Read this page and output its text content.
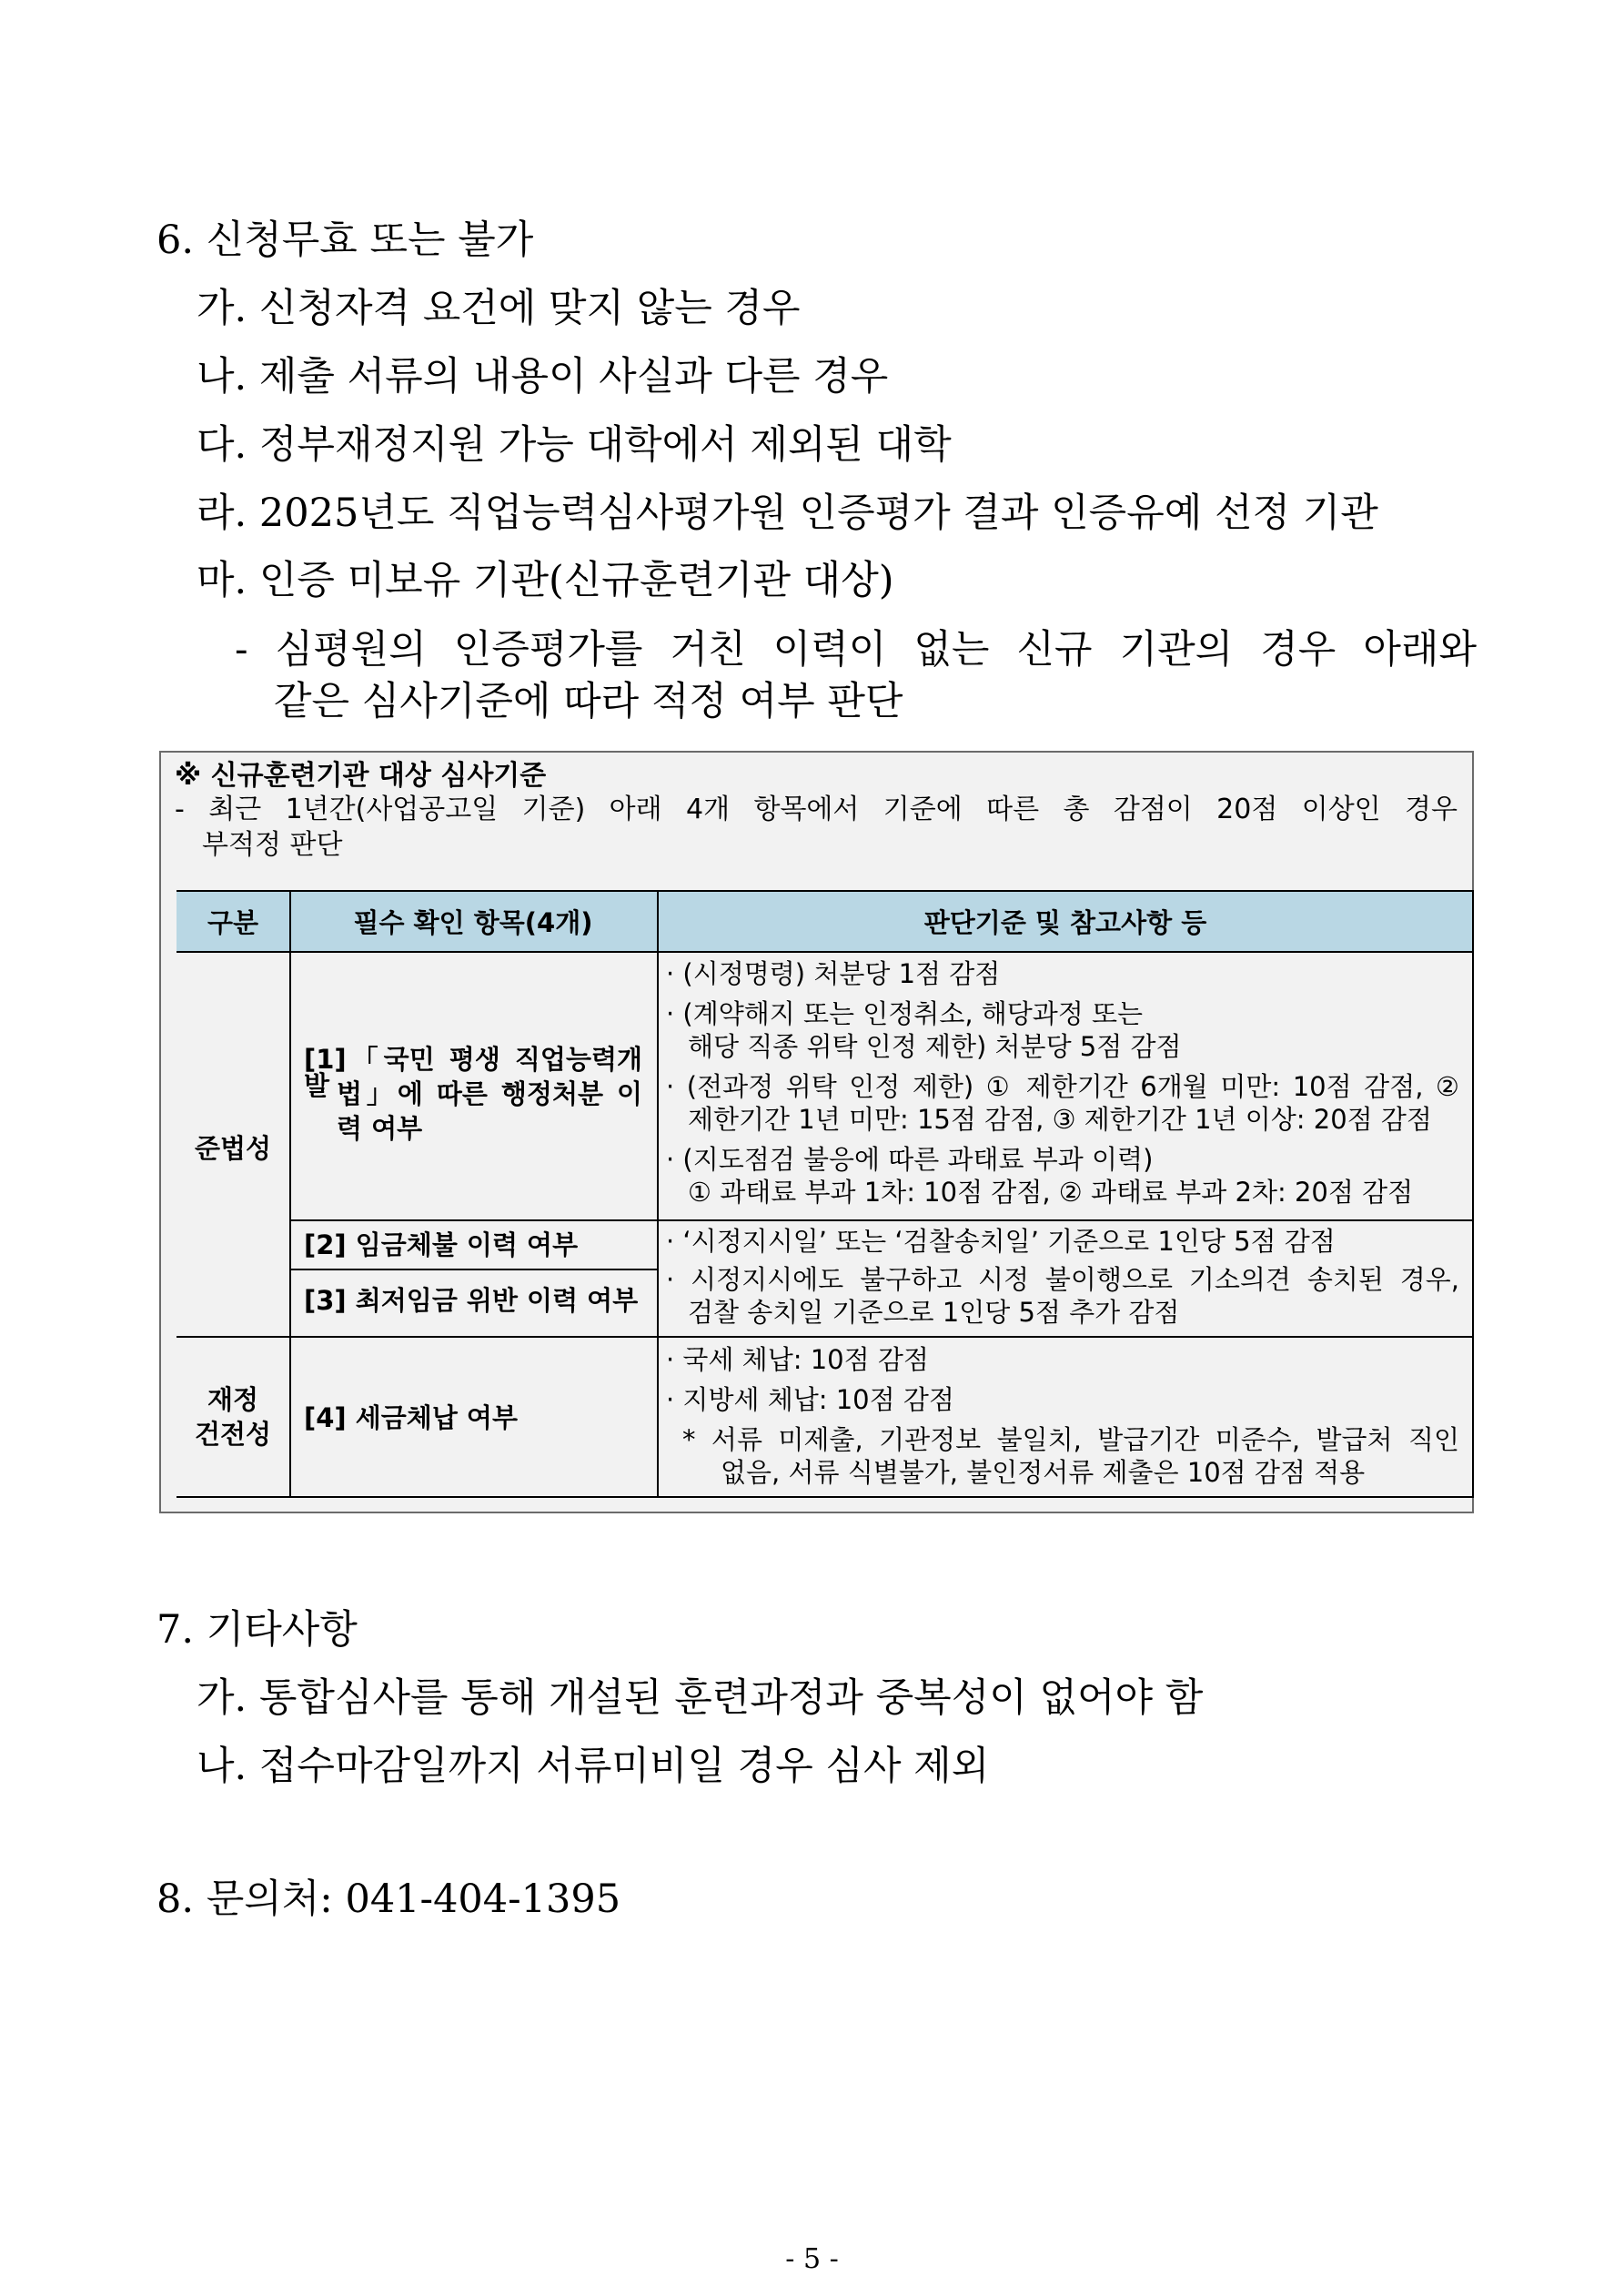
6. 신청무효 또는 불가
가. 신청자격 요건에 맞지 않는 경우
나. 제출 서류의 내용이 사실과 다른 경우
다. 정부재정지원 가능 대학에서 제외된 대학
라. 2025년도 직업능력심사평가원 인증평가 결과 인증유예 선정 기관
마. 인증 미보유 기관(신규훈련기관 대상)
- 심평원의 인증평가를 거친 이력이 없는 신규 기관의 경우 아래와
같은 심사기준에 따라 적정 여부 판단
※ 신규훈련기관 대상 심사기준
- 최근 1년간(사업공고일 기준) 아래 4개 항목에서 기준에 따른 총 감점이 20점 이상인 경우
부적정 판단
구분	필수 확인 항목(4개)	판단기준 및 참고사항 등
준법성
재정
건전성
[1]「국민 평생 직업능력개발 법」에 따른 행정처분 이
력 여부
[2] 임금체불 이력 여부
[3] 최저임금 위반 이력 여부
[4] 세금체납 여부
· (시정명령) 처분당 1점 감점
· (계약해지 또는 인정취소, 해당과정 또는
해당 직종 위탁 인정 제한) 처분당 5점 감점
· (전과정 위탁 인정 제한) ① 제한기간 6개월 미만: 10점 감점, ②
제한기간 1년 미만: 15점 감점, ③ 제한기간 1년 이상: 20점 감점
· (지도점검 불응에 따른 과태료 부과 이력)
① 과태료 부과 1차: 10점 감점, ② 과태료 부과 2차: 20점 감점
· ‘시정지시일’ 또는 ‘검찰송치일’ 기준으로 1인당 5점 감점
· 시정지시에도 불구하고 시정 불이행으로 기소의견 송치된 경우,
검찰 송치일 기준으로 1인당 5점 추가 감점
· 국세 체납: 10점 감점
· 지방세 체납: 10점 감점
* 서류 미제출, 기관정보 불일치, 발급기간 미준수, 발급처 직인
없음, 서류 식별불가, 불인정서류 제출은 10점 감점 적용
7. 기타사항
가. 통합심사를 통해 개설된 훈련과정과 중복성이 없어야 함
나. 접수마감일까지 서류미비일 경우 심사 제외
8. 문의처: 041-404-1395
- 5 -
